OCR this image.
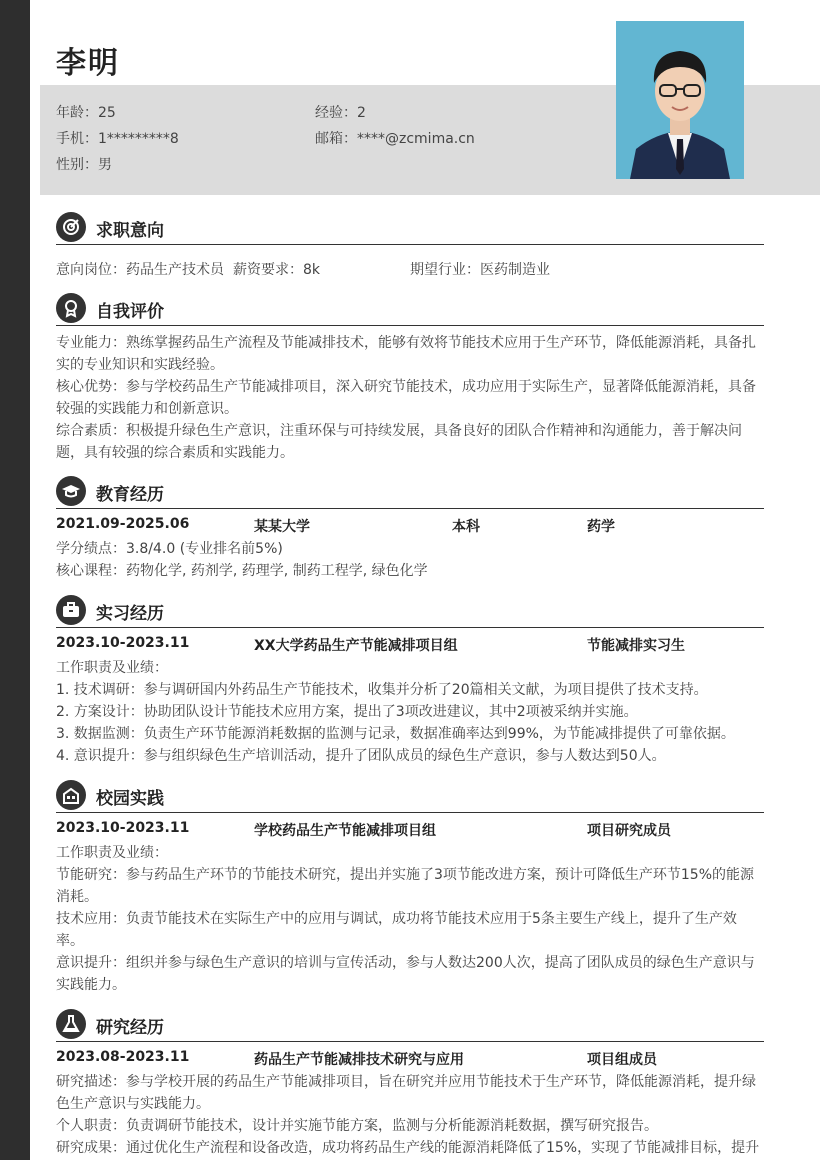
李明
年龄：25	经验：2
手机：1*********8	邮箱：****@zcmima.cn
性别：男
求职意向
意向岗位：药品生产技术员 薪资要求：8k	期望行业：医药制造业
自我评价

专业能力：熟练掌握药品生产流程及节能减排技术，能够有效将节能技术应用于生产环节，降低能源消耗，具备扎

实的专业知识和实践经验。

核心优势：参与学校药品生产节能减排项目，深入研究节能技术，成功应用于实际生产，显著降低能源消耗，具备

较强的实践能力和创新意识。

综合素质：积极提升绿色生产意识，注重环保与可持续发展，具备良好的团队合作精神和沟通能力，善于解决问

题，具有较强的综合素质和实践能力。

教育经历
2021.09-2025.06	某某大学	本科	药学

学分绩点：3.8/4.0 (专业排名前5%)

核心课程：药物化学, 药剂学, 药理学, 制药工程学, 绿色化学

实习经历
2023.10-2023.11	XX大学药品生产节能减排项目组	节能减排实习生

工作职责及业绩：

1. 技术调研：参与调研国内外药品生产节能技术，收集并分析了20篇相关文献，为项目提供了技术支持。

2. 方案设计：协助团队设计节能技术应用方案，提出了3项改进建议，其中2项被采纳并实施。

3. 数据监测：负责生产环节能源消耗数据的监测与记录，数据准确率达到99%，为节能减排提供了可靠依据。

4. 意识提升：参与组织绿色生产培训活动，提升了团队成员的绿色生产意识，参与人数达到50人。

校园实践
2023.10-2023.11	学校药品生产节能减排项目组	项目研究成员

工作职责及业绩：

节能研究：参与药品生产环节的节能技术研究，提出并实施了3项节能改进方案，预计可降低生产环节15%的能源

消耗。

技术应用：负责节能技术在实际生产中的应用与调试，成功将节能技术应用于5条主要生产线上，提升了生产效

率。

意识提升：组织并参与绿色生产意识的培训与宣传活动，参与人数达200人次，提高了团队成员的绿色生产意识与

实践能力。

研究经历
2023.08-2023.11	药品生产节能减排技术研究与应用	项目组成员

研究描述：参与学校开展的药品生产节能减排项目，旨在研究并应用节能技术于生产环节，降低能源消耗，提升绿

色生产意识与实践能力。

个人职责：负责调研节能技术，设计并实施节能方案，监测与分析能源消耗数据，撰写研究报告。

研究成果：通过优化生产流程和设备改造，成功将药品生产线的能源消耗降低了15%，实现了节能减排目标，提升
